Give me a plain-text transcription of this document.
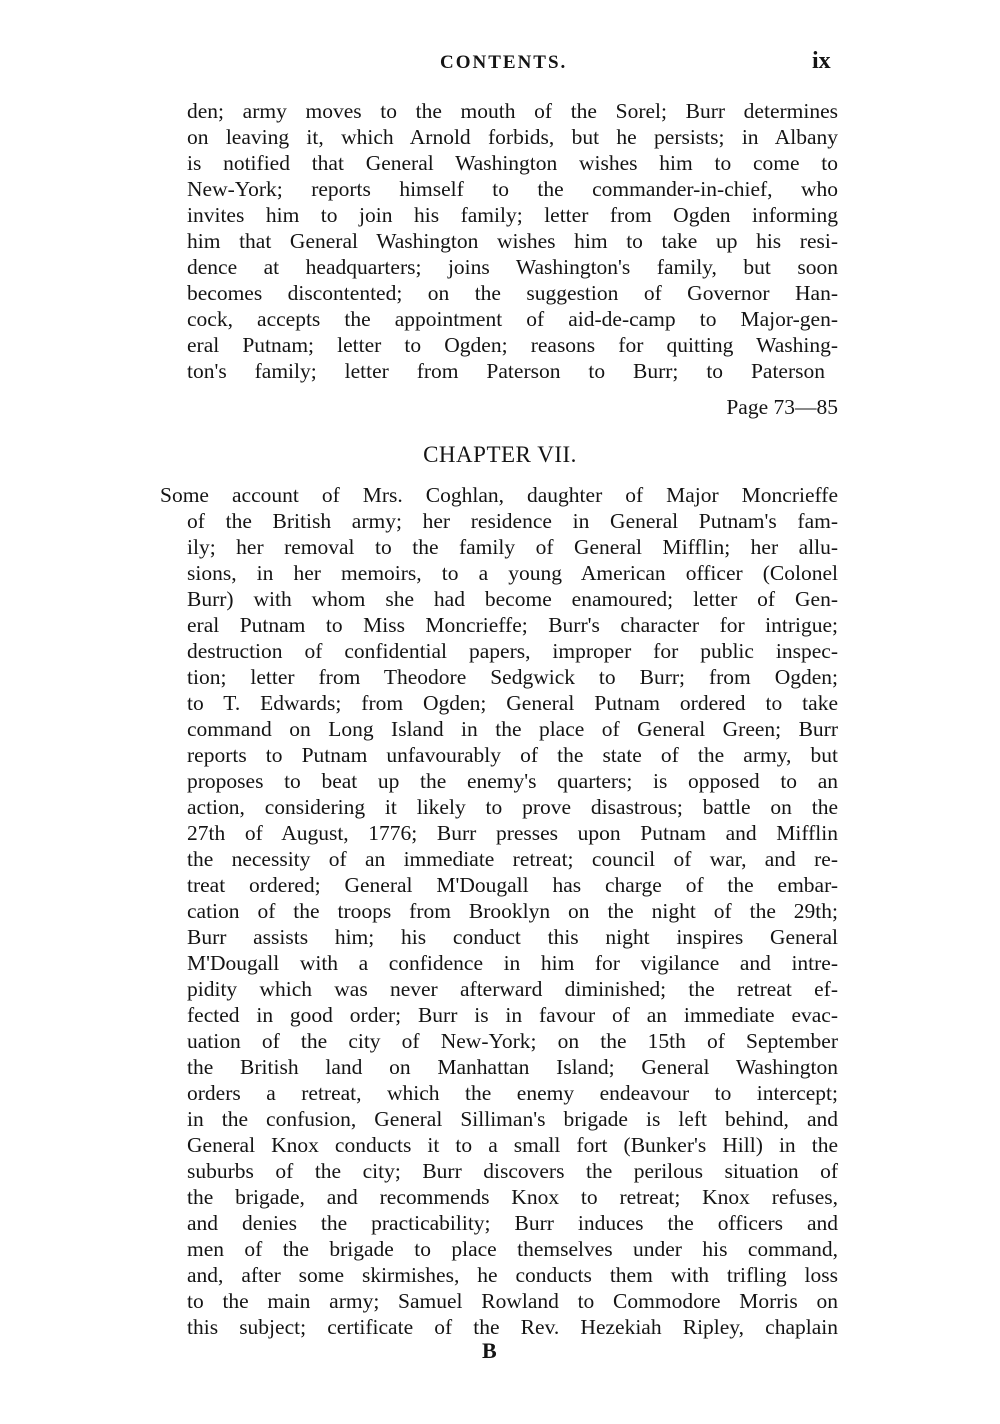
CONTENTS.	ix
den; army moves to the mouth of the Sorel; Burr determines
on leaving it, which Arnold forbids, but he persists; in Albany
is notified that General Washington wishes him to come to
New-York; reports himself to the commander-in-chief, who
invites him to join his family; letter from Ogden informing
him that General Washington wishes him to take up his resi-
dence at headquarters; joins Washington's family, but soon
becomes discontented; on the suggestion of Governor Han-
cock, accepts the appointment of aid-de-camp to Major-gen-
eral Putnam; letter to Ogden; reasons for quitting Washing-
ton's family; letter from Paterson to Burr; to Paterson
Page 73—85
CHAPTER VII.
Some account of Mrs. Coghlan, daughter of Major Moncrieffe
of the British army; her residence in General Putnam's fam-
ily; her removal to the family of General Mifflin; her allu-
sions, in her memoirs, to a young American officer (Colonel
Burr) with whom she had become enamoured; letter of Gen-
eral Putnam to Miss Moncrieffe; Burr's character for intrigue;
destruction of confidential papers, improper for public inspec-
tion; letter from Theodore Sedgwick to Burr; from Ogden;
to T. Edwards; from Ogden; General Putnam ordered to take
command on Long Island in the place of General Green; Burr
reports to Putnam unfavourably of the state of the army, but
proposes to beat up the enemy's quarters; is opposed to an
action, considering it likely to prove disastrous; battle on the
27th of August, 1776; Burr presses upon Putnam and Mifflin
the necessity of an immediate retreat; council of war, and re-
treat ordered; General M'Dougall has charge of the embar-
cation of the troops from Brooklyn on the night of the 29th;
Burr assists him; his conduct this night inspires General
M'Dougall with a confidence in him for vigilance and intre-
pidity which was never afterward diminished; the retreat ef-
fected in good order; Burr is in favour of an immediate evac-
uation of the city of New-York; on the 15th of September
the British land on Manhattan Island; General Washington
orders a retreat, which the enemy endeavour to intercept;
in the confusion, General Silliman's brigade is left behind, and
General Knox conducts it to a small fort (Bunker's Hill) in the
suburbs of the city; Burr discovers the perilous situation of
the brigade, and recommends Knox to retreat; Knox refuses,
and denies the practicability; Burr induces the officers and
men of the brigade to place themselves under his command,
and, after some skirmishes, he conducts them with trifling loss
to the main army; Samuel Rowland to Commodore Morris on
this subject; certificate of the Rev. Hezekiah Ripley, chaplain
B
